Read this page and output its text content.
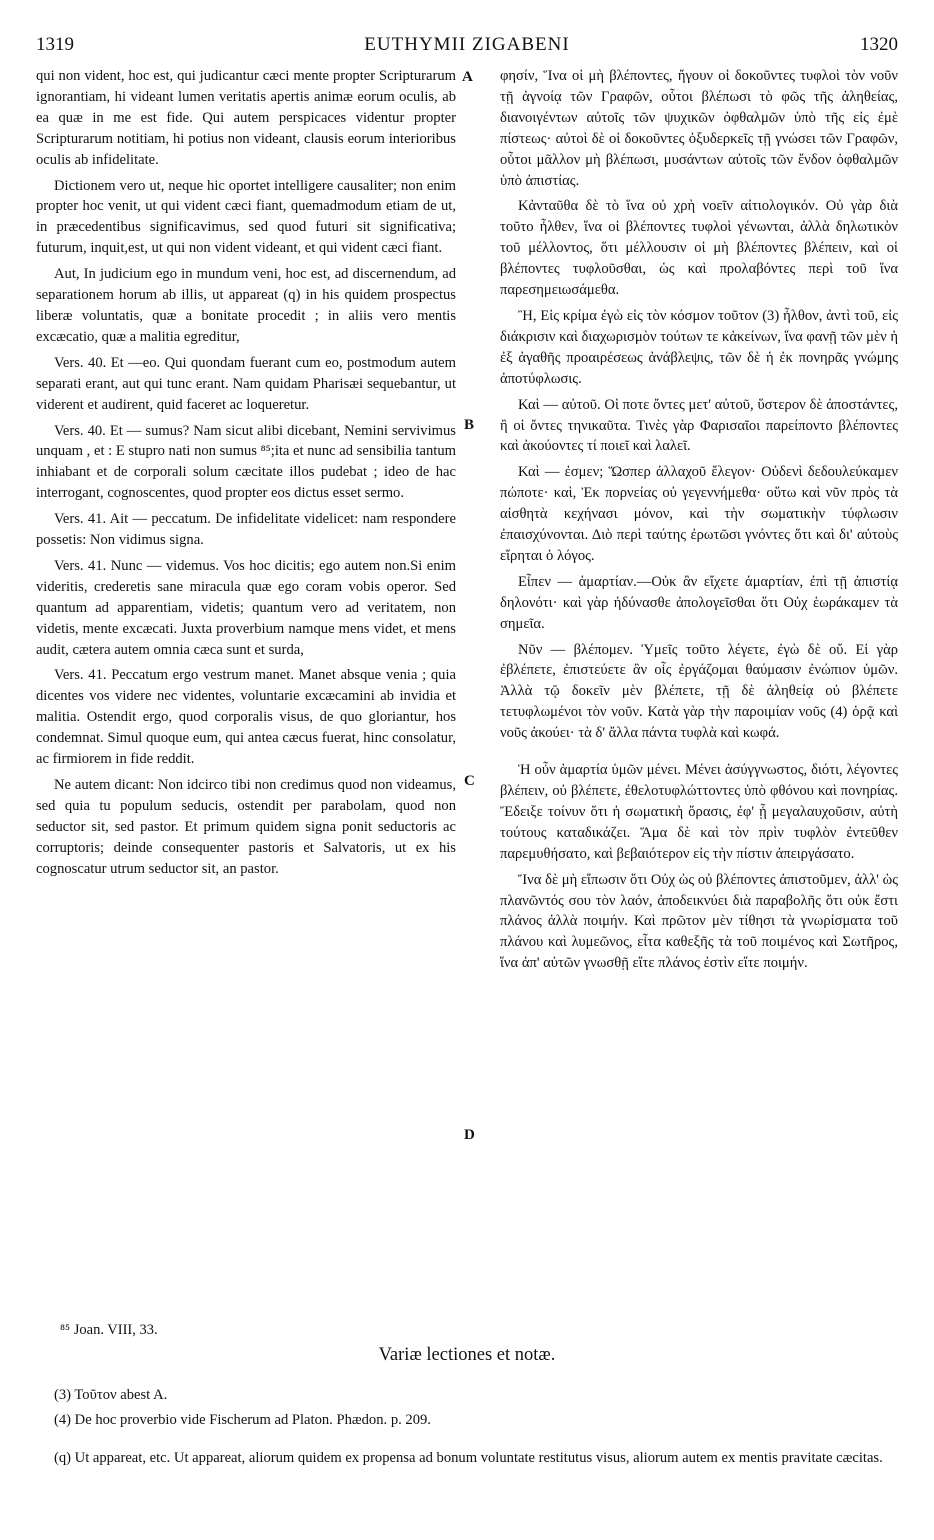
1319	EUTHYMII ZIGABENI	1320

qui non vident, hoc est, qui judicantur cæci mente propter Scripturarum ignorantiam, hi videant lumen veritatis apertis animæ eorum oculis, ab ea quæ in me est fide. Qui autem perspicaces videntur propter Scripturarum notitiam, hi potius non videant, clausis eorum interioribus oculis ab infidelitate.

Dictionem vero ut, neque hic oportet intelligere causaliter; non enim propter hoc venit, ut qui vident cæci fiant, quemadmodum etiam de ut, in præcedentibus significavimus, sed quod futuri sit significativa; futurum, inquit,est, ut qui non vident videant, et qui vident cæci fiant.

Aut, In judicium ego in mundum veni, hoc est, ad discernendum, ad separationem horum ab illis, ut appareat (q) in his quidem prospectus liberæ voluntatis, quæ a bonitate procedit ; in aliis vero mentis excæcatio, quæ a malitia egreditur,

Vers. 40. Et —eo. Qui quondam fuerant cum eo, postmodum autem separati erant, aut qui tunc erant. Nam quidam Pharisæi sequebantur, ut viderent et audirent, quid faceret ac loqueretur.

Vers. 40. Et — sumus? Nam sicut alibi dicebant, Nemini servivimus unquam , et : E stupro nati non sumus ⁸⁵;ita et nunc ad sensibilia tantum inhiabant et de corporali solum cæcitate illos pudebat ; ideo de hac interrogant, cognoscentes, quod propter eos dictus esset sermo.

Vers. 41. Ait — peccatum. De infidelitate videlicet: nam respondere possetis: Non vidimus signa.

Vers. 41. Nunc — videmus. Vos hoc dicitis; ego autem non.Si enim videritis, crederetis sane miracula quæ ego coram vobis operor. Sed quantum ad apparentiam, videtis; quantum vero ad veritatem, non videtis, mente excæcati. Juxta proverbium namque mens videt, et mens audit, cætera autem omnia cæca sunt et surda,

Vers. 41. Peccatum ergo vestrum manet. Manet absque venia ; quia dicentes vos videre nec videntes, voluntarie excæcamini ab invidia et malitia. Ostendit ergo, quod corporalis visus, de quo gloriantur, hos condemnat. Simul quoque eum, qui antea cæcus fuerat, hinc consolatur, ac firmiorem in fide reddit.

Ne autem dicant: Non idcirco tibi non credimus quod non videamus, sed quia tu populum seducis, ostendit per parabolam, quod non seductor sit, sed pastor. Et primum quidem signa ponit seductoris ac corruptoris; deinde consequenter pastoris et Salvatoris, ut ex his cognoscatur utrum seductor sit, an pastor.

φησίν, Ἵνα οἱ μὴ βλέποντες, ἤγουν οἱ δοκοῦντες τυφλοὶ τὸν νοῦν τῇ ἀγνοίᾳ τῶν Γραφῶν, οὗτοι βλέπωσι τὸ φῶς τῆς ἀληθείας, διανοιγέντων αὐτοῖς τῶν ψυχικῶν ὀφθαλμῶν ὑπὸ τῆς εἰς ἐμὲ πίστεως· αὐτοὶ δὲ οἱ δοκοῦντες ὀξυδερκεῖς τῇ γνώσει τῶν Γραφῶν, οὗτοι μᾶλλον μὴ βλέπωσι, μυσάντων αὐτοῖς τῶν ἔνδον ὀφθαλμῶν ὑπὸ ἀπιστίας.

Κἀνταῦθα δὲ τὸ ἵνα οὐ χρὴ νοεῖν αἰτιολογικόν. Οὐ γὰρ διὰ τοῦτο ἦλθεν, ἵνα οἱ βλέποντες τυφλοὶ γένωνται, ἀλλὰ δηλωτικὸν τοῦ μέλλοντος, ὅτι μέλλουσιν οἱ μὴ βλέποντες βλέπειν, καὶ οἱ βλέποντες τυφλοῦσθαι, ὡς καὶ προλαβόντες περὶ τοῦ ἵνα παρεσημειωσάμεθα.

Ἢ, Εἰς κρίμα ἐγὼ εἰς τὸν κόσμον τοῦτον (3) ἦλθον, ἀντὶ τοῦ, εἰς διάκρισιν καὶ διαχωρισμὸν τούτων τε κἀκείνων, ἵνα φανῇ τῶν μὲν ἡ ἐξ ἀγαθῆς προαιρέσεως ἀνάβλεψις, τῶν δὲ ἡ ἐκ πονηρᾶς γνώμης ἀποτύφλωσις.

Καὶ — αὐτοῦ. Οἱ ποτε ὄντες μετ' αὐτοῦ, ὕστερον δὲ ἀποστάντες, ἢ οἱ ὄντες τηνικαῦτα. Τινὲς γὰρ Φαρισαῖοι παρείποντο βλέποντες καὶ ἀκούοντες τί ποιεῖ καὶ λαλεῖ.

Καὶ — ἐσμεν; Ὥσπερ ἀλλαχοῦ ἔλεγον· Οὐδενὶ δεδουλεύκαμεν πώποτε· καὶ, Ἐκ πορνείας οὐ γεγεννήμεθα· οὕτω καὶ νῦν πρὸς τὰ αἰσθητὰ κεχήνασι μόνον, καὶ τὴν σωματικὴν τύφλωσιν ἐπαισχύνονται. Διὸ περὶ ταύτης ἐρωτῶσι γνόντες ὅτι καὶ δι' αὐτοὺς εἴρηται ὁ λόγος.

Εἶπεν — ἁμαρτίαν.—Οὐκ ἂν εἴχετε ἁμαρτίαν, ἐπὶ τῇ ἀπιστίᾳ δηλονότι· καὶ γὰρ ἠδύνασθε ἀπολογεῖσθαι ὅτι Οὐχ ἑωράκαμεν τὰ σημεῖα.

Νῦν — βλέπομεν. Ὑμεῖς τοῦτο λέγετε, ἐγὼ δὲ οὔ. Εἰ γὰρ ἐβλέπετε, ἐπιστεύετε ἂν οἷς ἐργάζομαι θαύμασιν ἐνώπιον ὑμῶν. Ἀλλὰ τῷ δοκεῖν μὲν βλέπετε, τῇ δὲ ἀληθείᾳ οὐ βλέπετε τετυφλωμένοι τὸν νοῦν. Κατὰ γὰρ τὴν παροιμίαν νοῦς (4) ὁρᾷ καὶ νοῦς ἀκούει· τὰ δ' ἄλλα πάντα τυφλὰ καὶ κωφά.

Ἡ οὖν ἁμαρτία ὑμῶν μένει. Μένει ἀσύγγνωστος, διότι, λέγοντες βλέπειν, οὐ βλέπετε, ἐθελοτυφλώττοντες ὑπὸ φθόνου καὶ πονηρίας. Ἔδειξε τοίνυν ὅτι ἡ σωματικὴ ὅρασις, ἐφ' ᾗ μεγαλαυχοῦσιν, αὐτὴ τούτους καταδικάζει. Ἅμα δὲ καὶ τὸν πρὶν τυφλὸν ἐντεῦθεν παρεμυθήσατο, καὶ βεβαιότερον εἰς τὴν πίστιν ἀπειργάσατο.

Ἵνα δὲ μὴ εἴπωσιν ὅτι Οὐχ ὡς οὐ βλέποντες ἀπιστοῦμεν, ἀλλ' ὡς πλανῶντός σου τὸν λαόν, ἀποδεικνύει διὰ παραβολῆς ὅτι οὐκ ἔστι πλάνος ἀλλὰ ποιμήν. Καὶ πρῶτον μὲν τίθησι τὰ γνωρίσματα τοῦ πλάνου καὶ λυμεῶνος, εἶτα καθεξῆς τὰ τοῦ ποιμένος καὶ Σωτῆρος, ἵνα ἀπ' αὐτῶν γνωσθῇ εἴτε πλάνος ἐστὶν εἴτε ποιμήν.

A
B
C
D
⁸⁵ Joan. VIII, 33.
Variæ lectiones et notæ.
(3) Τοῦτον abest A.
(4) De hoc proverbio vide Fischerum ad Platon. Phædon. p. 209.
(q) Ut appareat, etc. Ut appareat, aliorum quidem ex propensa ad bonum voluntate restitutus visus, aliorum autem ex mentis pravitate cæcitas.
